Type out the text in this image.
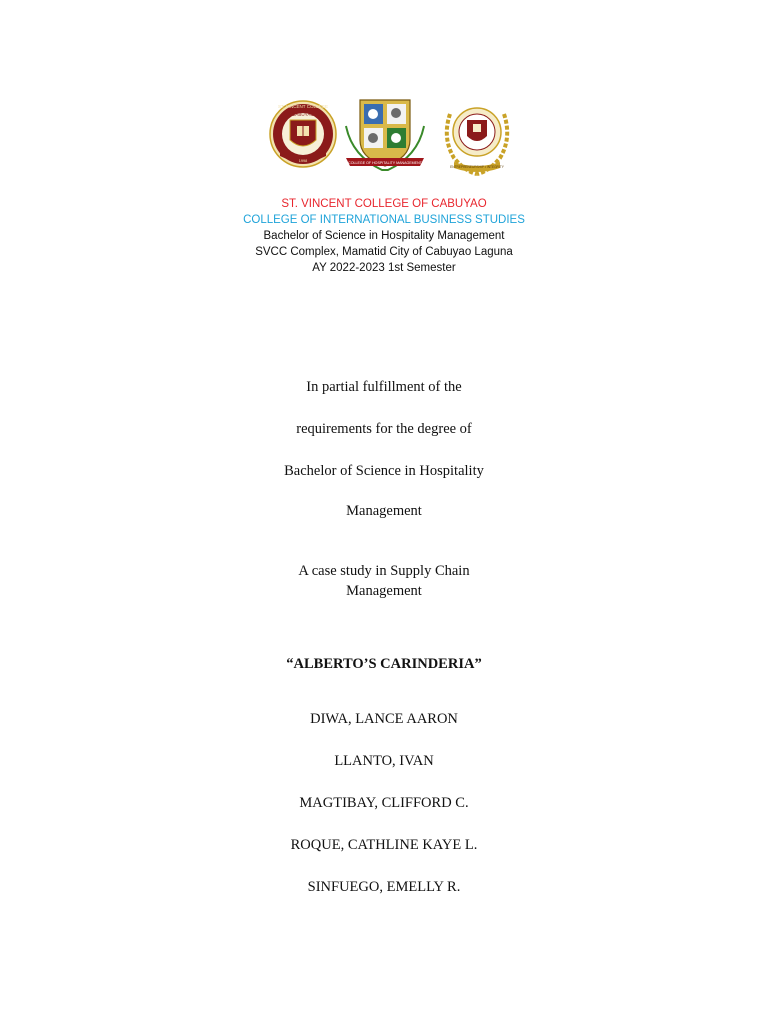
ST. VINCENT COLLEGE
CABUYAO
1998	COLLEGE OF HOSPITALITY MANAGEMENT
ENTREPRENEURSHIP • INTEGRITY
ST. VINCENT COLLEGE OF CABUYAO
COLLEGE OF INTERNATIONAL BUSINESS STUDIES
Bachelor of Science in Hospitality Management
SVCC Complex, Mamatid City of Cabuyao Laguna
AY 2022-2023 1st Semester
In partial fulfillment of the
requirements for the degree of
Bachelor of Science in Hospitality
Management
A case study in Supply Chain
Management
“ALBERTO’S CARINDERIA”
DIWA, LANCE AARON
LLANTO, IVAN
MAGTIBAY, CLIFFORD C.
ROQUE, CATHLINE KAYE L.
SINFUEGO, EMELLY R.
